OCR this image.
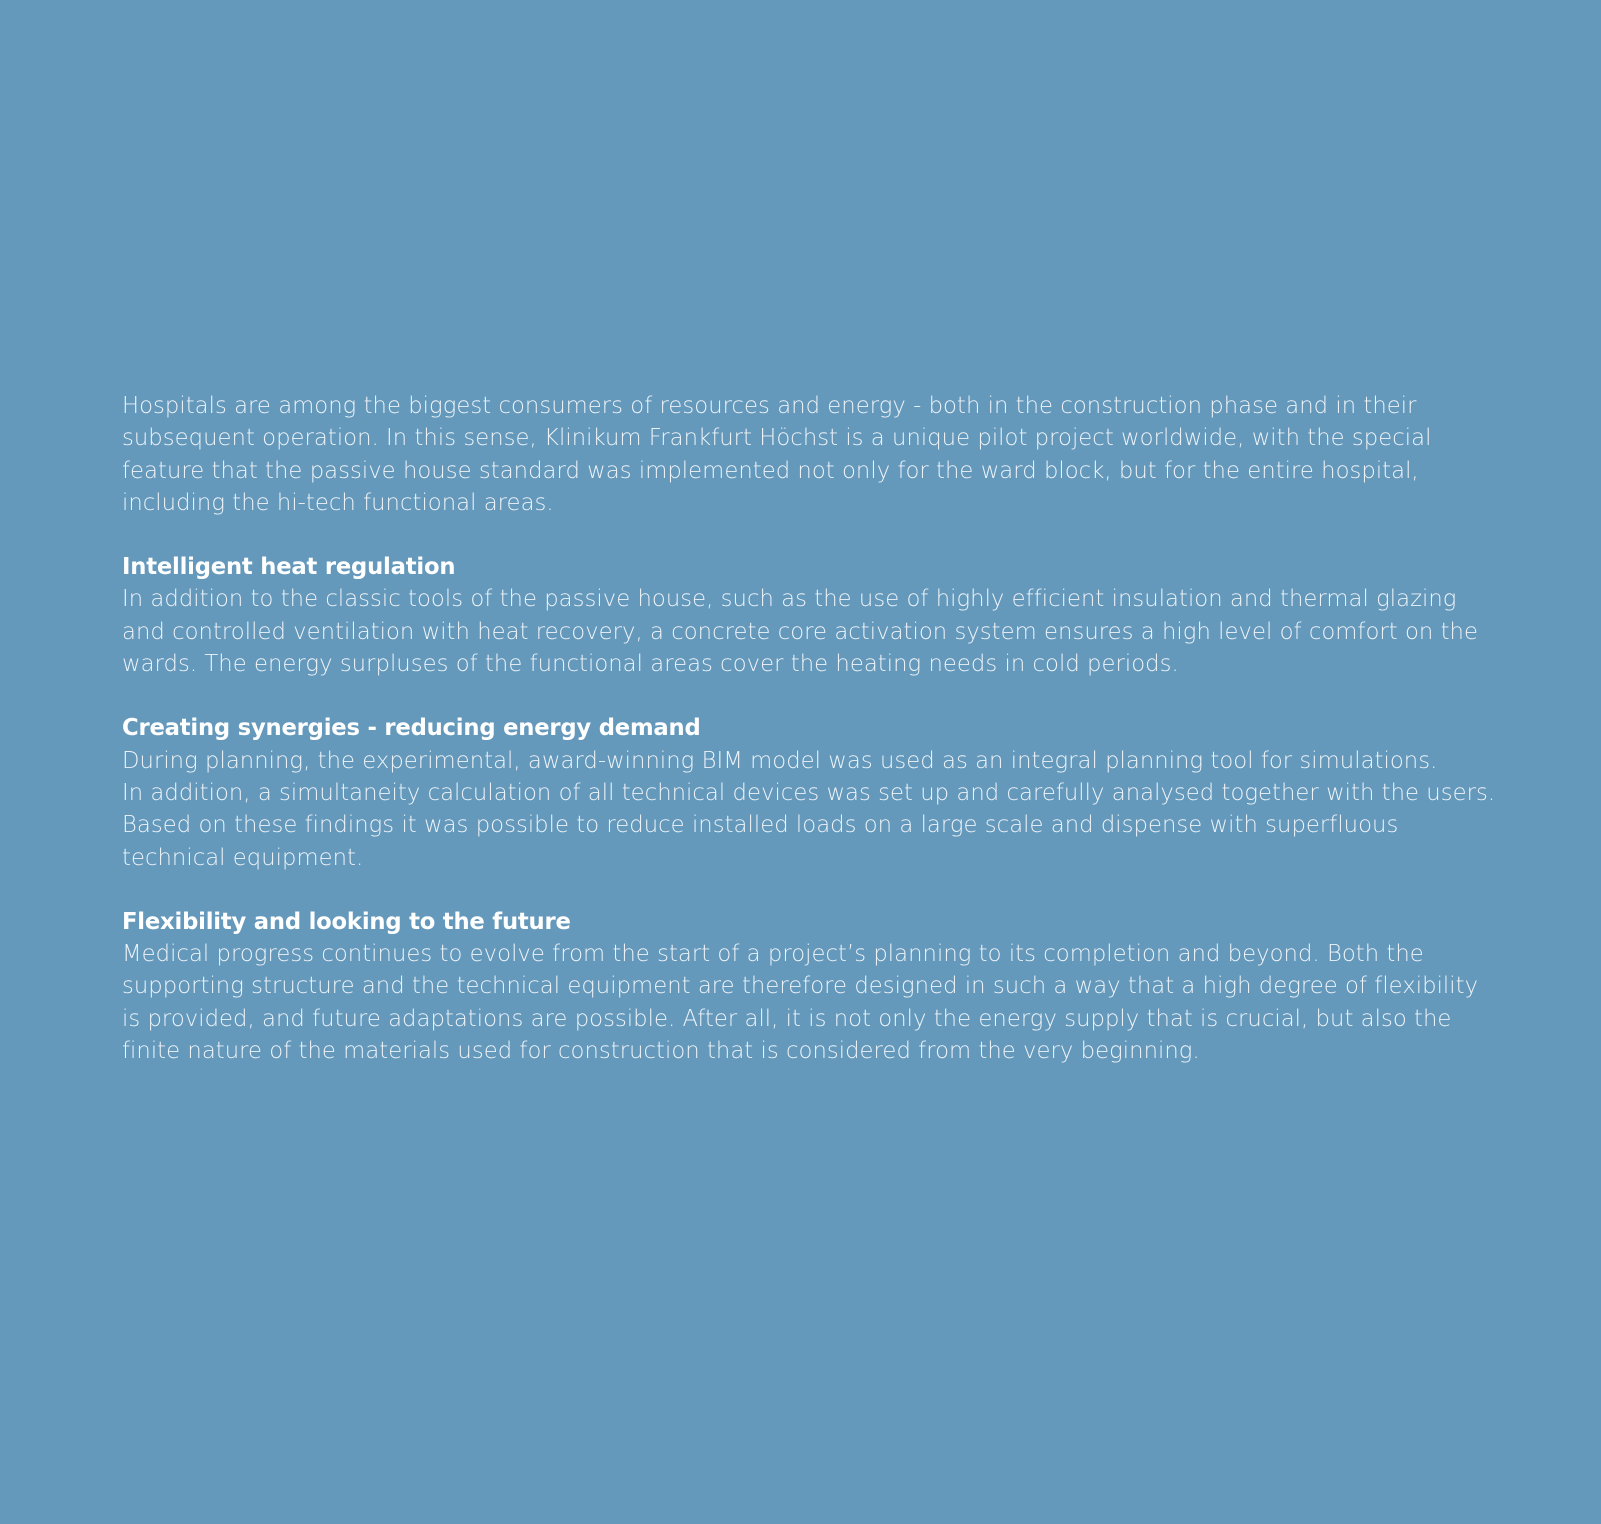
Hospitals are among the biggest consumers of resources and energy - both in the construction phase and in their
subsequent operation. In this sense, Klinikum Frankfurt Höchst is a unique pilot project worldwide, with the special
feature that the passive house standard was implemented not only for the ward block, but for the entire hospital,
including the hi-tech functional areas.

Intelligent heat regulation

In addition to the classic tools of the passive house, such as the use of highly efficient insulation and thermal glazing
and controlled ventilation with heat recovery, a concrete core activation system ensures a high level of comfort on the
wards. The energy surpluses of the functional areas cover the heating needs in cold periods.

Creating synergies - reducing energy demand

During planning, the experimental, award-winning BIM model was used as an integral planning tool for simulations.
In addition, a simultaneity calculation of all technical devices was set up and carefully analysed together with the users.
Based on these findings it was possible to reduce installed loads on a large scale and dispense with superfluous
technical equipment.

Flexibility and looking to the future

Medical progress continues to evolve from the start of a project’s planning to its completion and beyond. Both the
supporting structure and the technical equipment are therefore designed in such a way that a high degree of flexibility
is provided, and future adaptations are possible. After all, it is not only the energy supply that is crucial, but also the
finite nature of the materials used for construction that is considered from the very beginning.
